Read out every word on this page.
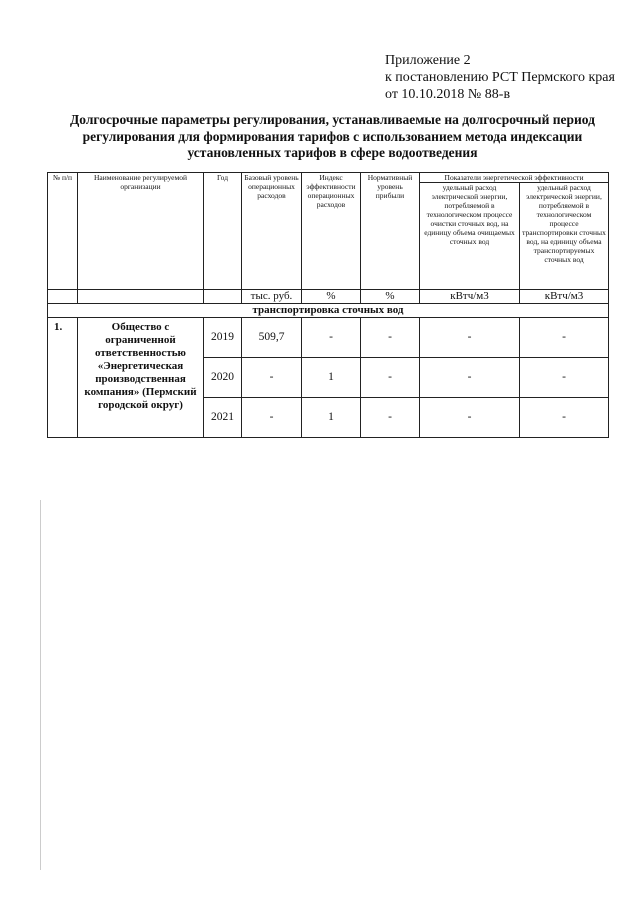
Приложение 2
к постановлению РСТ Пермского края
от 10.10.2018 № 88-в
Долгосрочные параметры регулирования, устанавливаемые на долгосрочный период регулирования для формирования тарифов с использованием метода индексации установленных тарифов в сфере водоотведения
№ п/п	Наименование регулируемой организации	Год	Базовый уровень операционных расходов	Индекс эффективности операционных расходов	Нормативный уровень прибыли	Показатели энергетической эффективности	
						удельный расход электрической энергии, потребляемой в технологическом процессе очистки сточных вод, на единицу объема очищаемых сточных вод	удельный расход электрической энергии, потребляемой в технологическом процессе транспортировки сточных вод, на единицу объема транспортируемых сточных вод
			тыс. руб.	%	%	кВтч/м3	кВтч/м3
транспортировка сточных вод							
1.	Общество с ограниченной ответственностью «Энергетическая производственная компания» (Пермский городской округ)	2019	509,7	-	-	-	-
		2020	-	1	-	-	-
		2021	-	1	-	-	-
